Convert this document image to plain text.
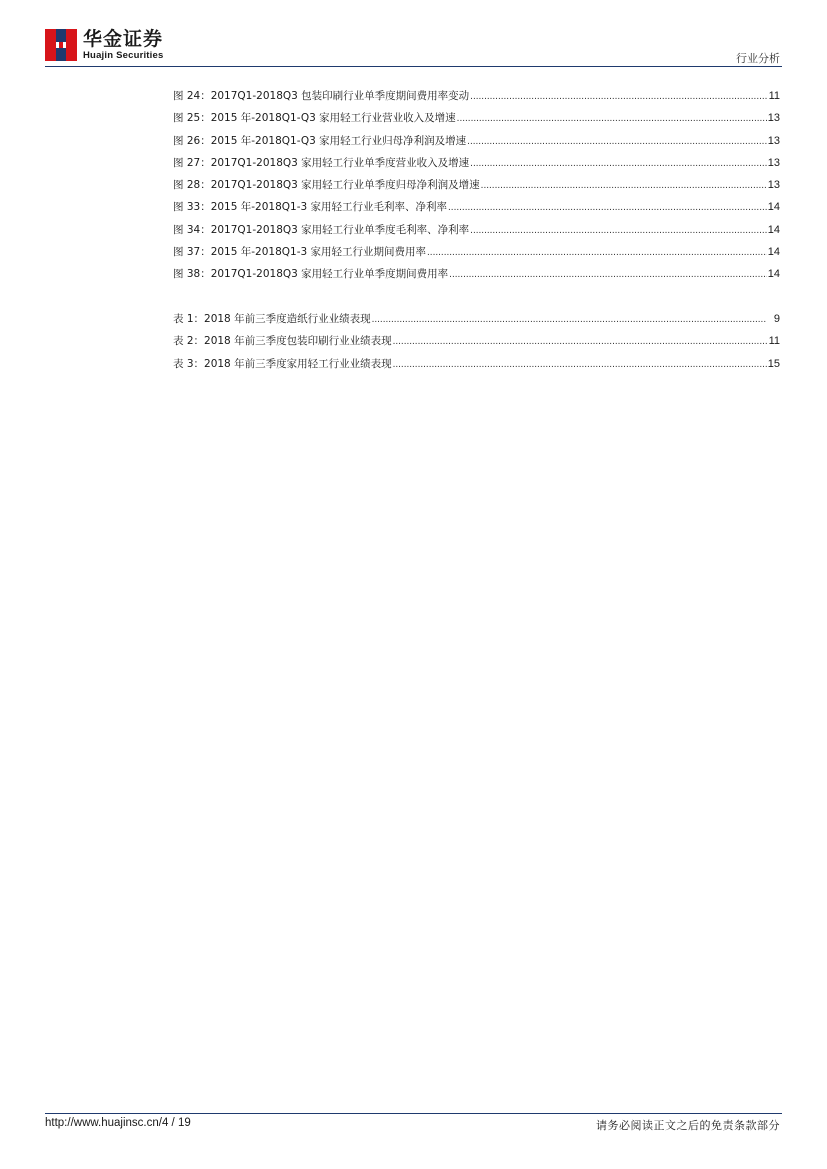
华金证券
Huajin Securities	行业分析
图 24：2017Q1-2018Q3 包装印刷行业单季度期间费用率变动 .....	11
图 25：2015 年-2018Q1-Q3 家用轻工行业营业收入及增速 .....	13
图 26：2015 年-2018Q1-Q3 家用轻工行业归母净利润及增速 .....	13
图 27：2017Q1-2018Q3 家用轻工行业单季度营业收入及增速 .....	13
图 28：2017Q1-2018Q3 家用轻工行业单季度归母净利润及增速 .....	13
图 33：2015 年-2018Q1-3 家用轻工行业毛利率、净利率 .....	14
图 34：2017Q1-2018Q3 家用轻工行业单季度毛利率、净利率 .....	14
图 37：2015 年-2018Q1-3 家用轻工行业期间费用率 .....	14
图 38：2017Q1-2018Q3 家用轻工行业单季度期间费用率 .....	14
表 1：2018 年前三季度造纸行业业绩表现 .....	9
表 2：2018 年前三季度包装印刷行业业绩表现 .....	11
表 3：2018 年前三季度家用轻工行业业绩表现 .....	15
http://www.huajinsc.cn/4 / 19	请务必阅读正文之后的免责条款部分
